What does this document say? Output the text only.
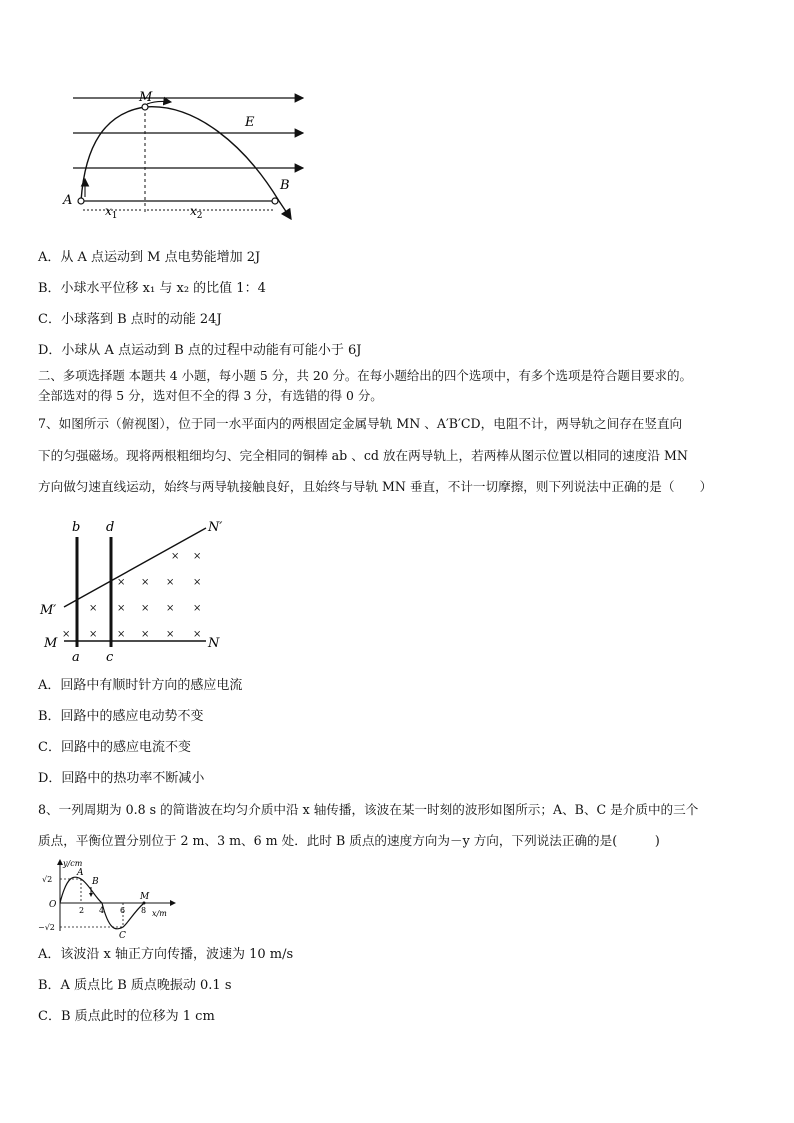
M
E
A
B
$x_1$	$x_2$
A．从 A 点运动到 M 点电势能增加 2J
B．小球水平位移 x₁ 与 x₂ 的比值 1：4
C．小球落到 B 点时的动能 24J
D．小球从 A 点运动到 B 点的过程中动能有可能小于 6J
二、多项选择题 本题共 4 小题，每小题 5 分，共 20 分。在每小题给出的四个选项中，有多个选项是符合题目要求的。
全部选对的得 5 分，选对但不全的得 3 分，有选错的得 0 分。
7、如图所示（俯视图），位于同一水平面内的两根固定金属导轨 MN 、A′B′CD，电阻不计，两导轨之间存在竖直向
下的匀强磁场。现将两根粗细均匀、完全相同的铜棒 ab 、cd 放在两导轨上，若两棒从图示位置以相同的速度沿 MN
方向做匀速直线运动，始终与两导轨接触良好，且始终与导轨 MN 垂直，不计一切摩擦，则下列说法中正确的是（　　）
× ×
× × × ×
× × × × ×
× × × × × ×
b d	N′
M′
M	N
a c
A．回路中有顺时针方向的感应电流
B．回路中的感应电动势不变
C．回路中的感应电流不变
D．回路中的热功率不断减小
8、一列周期为 0.8 s 的简谐波在均匀介质中沿 x 轴传播，该波在某一时刻的波形如图所示；A、B、C 是介质中的三个
质点，平衡位置分别位于 2 m、3 m、6 m 处．此时 B 质点的速度方向为－y 方向，下列说法正确的是(　　　)
y/cm
x/m
O
√2
−√2
2 4 6 8
A
B
C
M
A．该波沿 x 轴正方向传播，波速为 10 m/s
B．A 质点比 B 质点晚振动 0.1 s
C．B 质点此时的位移为 1 cm
